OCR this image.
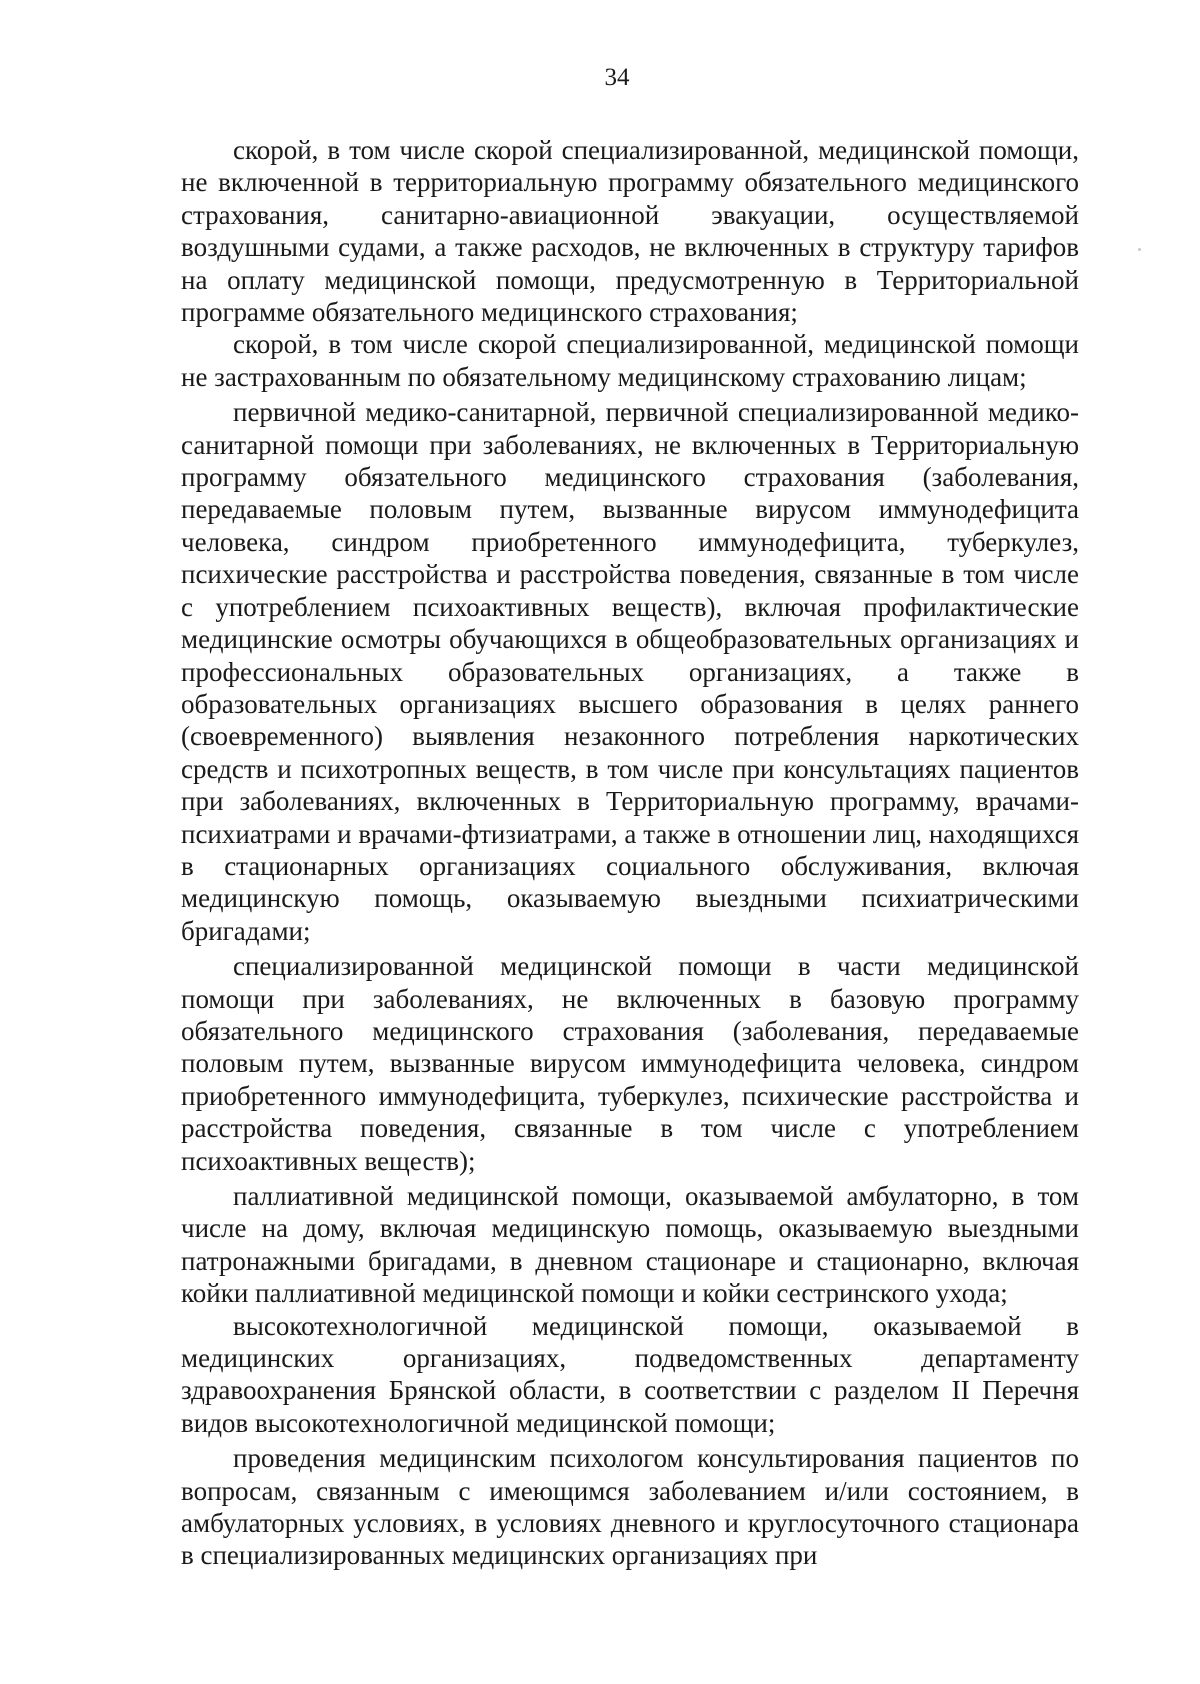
34

скорой, в том числе скорой специализированной, медицинской помощи, не включенной в территориальную программу обязательного медицинского страхования, санитарно-авиационной эвакуации, осуществляемой воздушными судами, а также расходов, не включенных в структуру тарифов на оплату медицинской помощи, предусмотренную в Территориальной программе обязательного медицинского страхования;

скорой, в том числе скорой специализированной, медицинской помощи не застрахованным по обязательному медицинскому страхованию лицам;

первичной медико-санитарной, первичной специализированной медико-санитарной помощи при заболеваниях, не включенных в Территориальную программу обязательного медицинского страхования (заболевания, передаваемые половым путем, вызванные вирусом иммунодефицита человека, синдром приобретенного иммунодефицита, туберкулез, психические расстройства и расстройства поведения, связанные в том числе с употреблением психоактивных веществ), включая профилактические медицинские осмотры обучающихся в общеобразовательных организациях и профессиональных образовательных организациях, а также в образовательных организациях высшего образования в целях раннего (своевременного) выявления незаконного потребления наркотических средств и психотропных веществ, в том числе при консультациях пациентов при заболеваниях, включенных в Территориальную программу, врачами-психиатрами и врачами-фтизиатрами, а также в отношении лиц, находящихся в стационарных организациях социального обслуживания, включая медицинскую помощь, оказываемую выездными психиатрическими бригадами;

специализированной медицинской помощи в части медицинской помощи при заболеваниях, не включенных в базовую программу обязательного медицинского страхования (заболевания, передаваемые половым путем, вызванные вирусом иммунодефицита человека, синдром приобретенного иммунодефицита, туберкулез, психические расстройства и расстройства поведения, связанные в том числе с употреблением психоактивных веществ);

паллиативной медицинской помощи, оказываемой амбулаторно, в том числе на дому, включая медицинскую помощь, оказываемую выездными патронажными бригадами, в дневном стационаре и стационарно, включая койки паллиативной медицинской помощи и койки сестринского ухода;

высокотехнологичной медицинской помощи, оказываемой в медицинских организациях, подведомственных департаменту здравоохранения Брянской области, в соответствии с разделом II Перечня видов высокотехнологичной медицинской помощи;

проведения медицинским психологом консультирования пациентов по вопросам, связанным с имеющимся заболеванием и/или состоянием, в амбулаторных условиях, в условиях дневного и круглосуточного стационара в специализированных медицинских организациях при
